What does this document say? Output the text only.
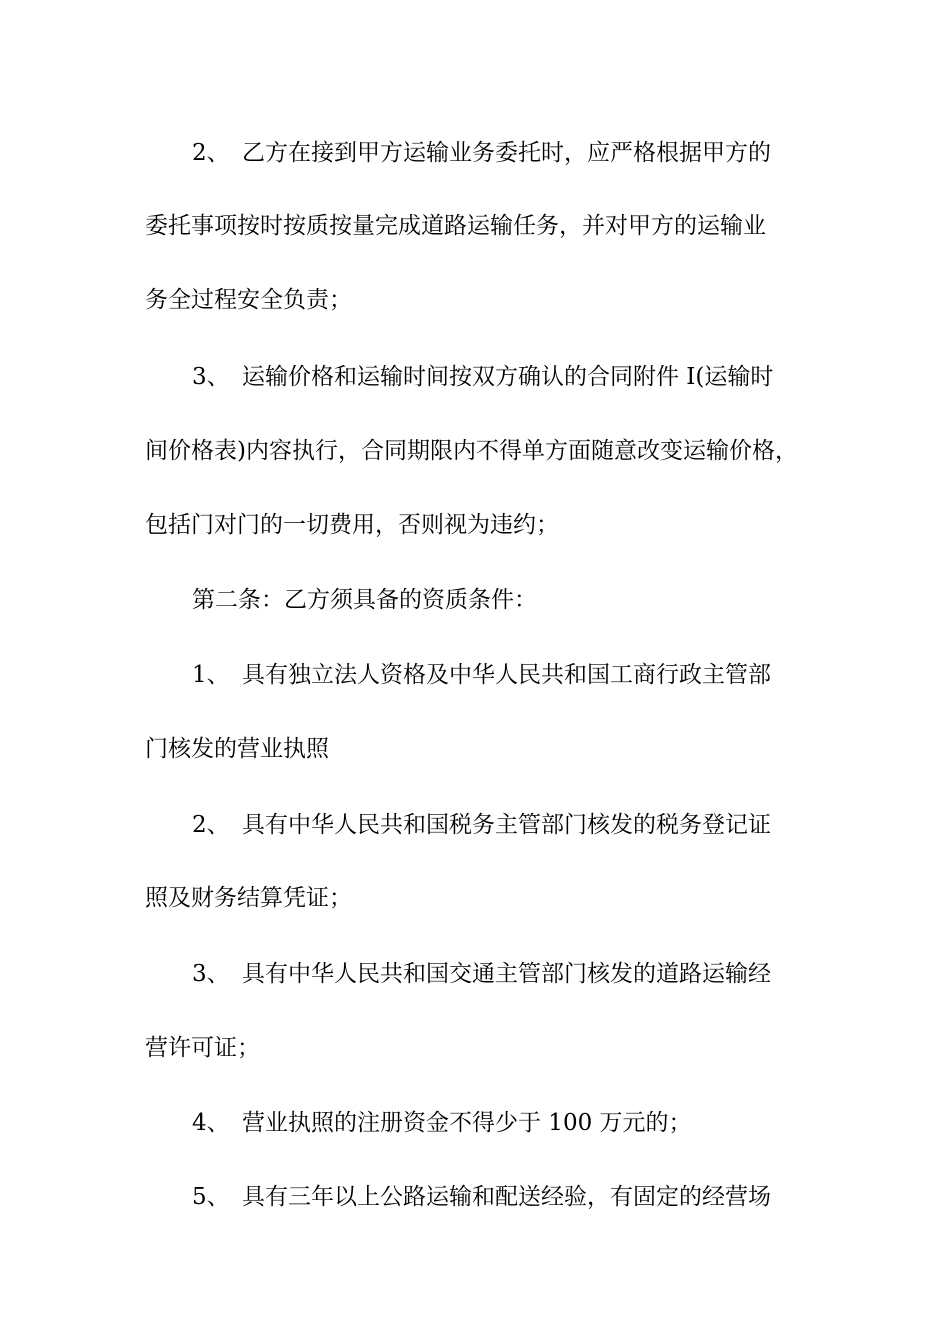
2、 乙方在接到甲方运输业务委托时，应严格根据甲方的
委托事项按时按质按量完成道路运输任务，并对甲方的运输业
务全过程安全负责；
3、 运输价格和运输时间按双方确认的合同附件 I(运输时
间价格表)内容执行，合同期限内不得单方面随意改变运输价格，
包括门对门的一切费用，否则视为违约；
第二条：乙方须具备的资质条件：
1、 具有独立法人资格及中华人民共和国工商行政主管部
门核发的营业执照
2、 具有中华人民共和国税务主管部门核发的税务登记证
照及财务结算凭证；
3、 具有中华人民共和国交通主管部门核发的道路运输经
营许可证；
4、 营业执照的注册资金不得少于 100 万元的；
5、 具有三年以上公路运输和配送经验，有固定的经营场
